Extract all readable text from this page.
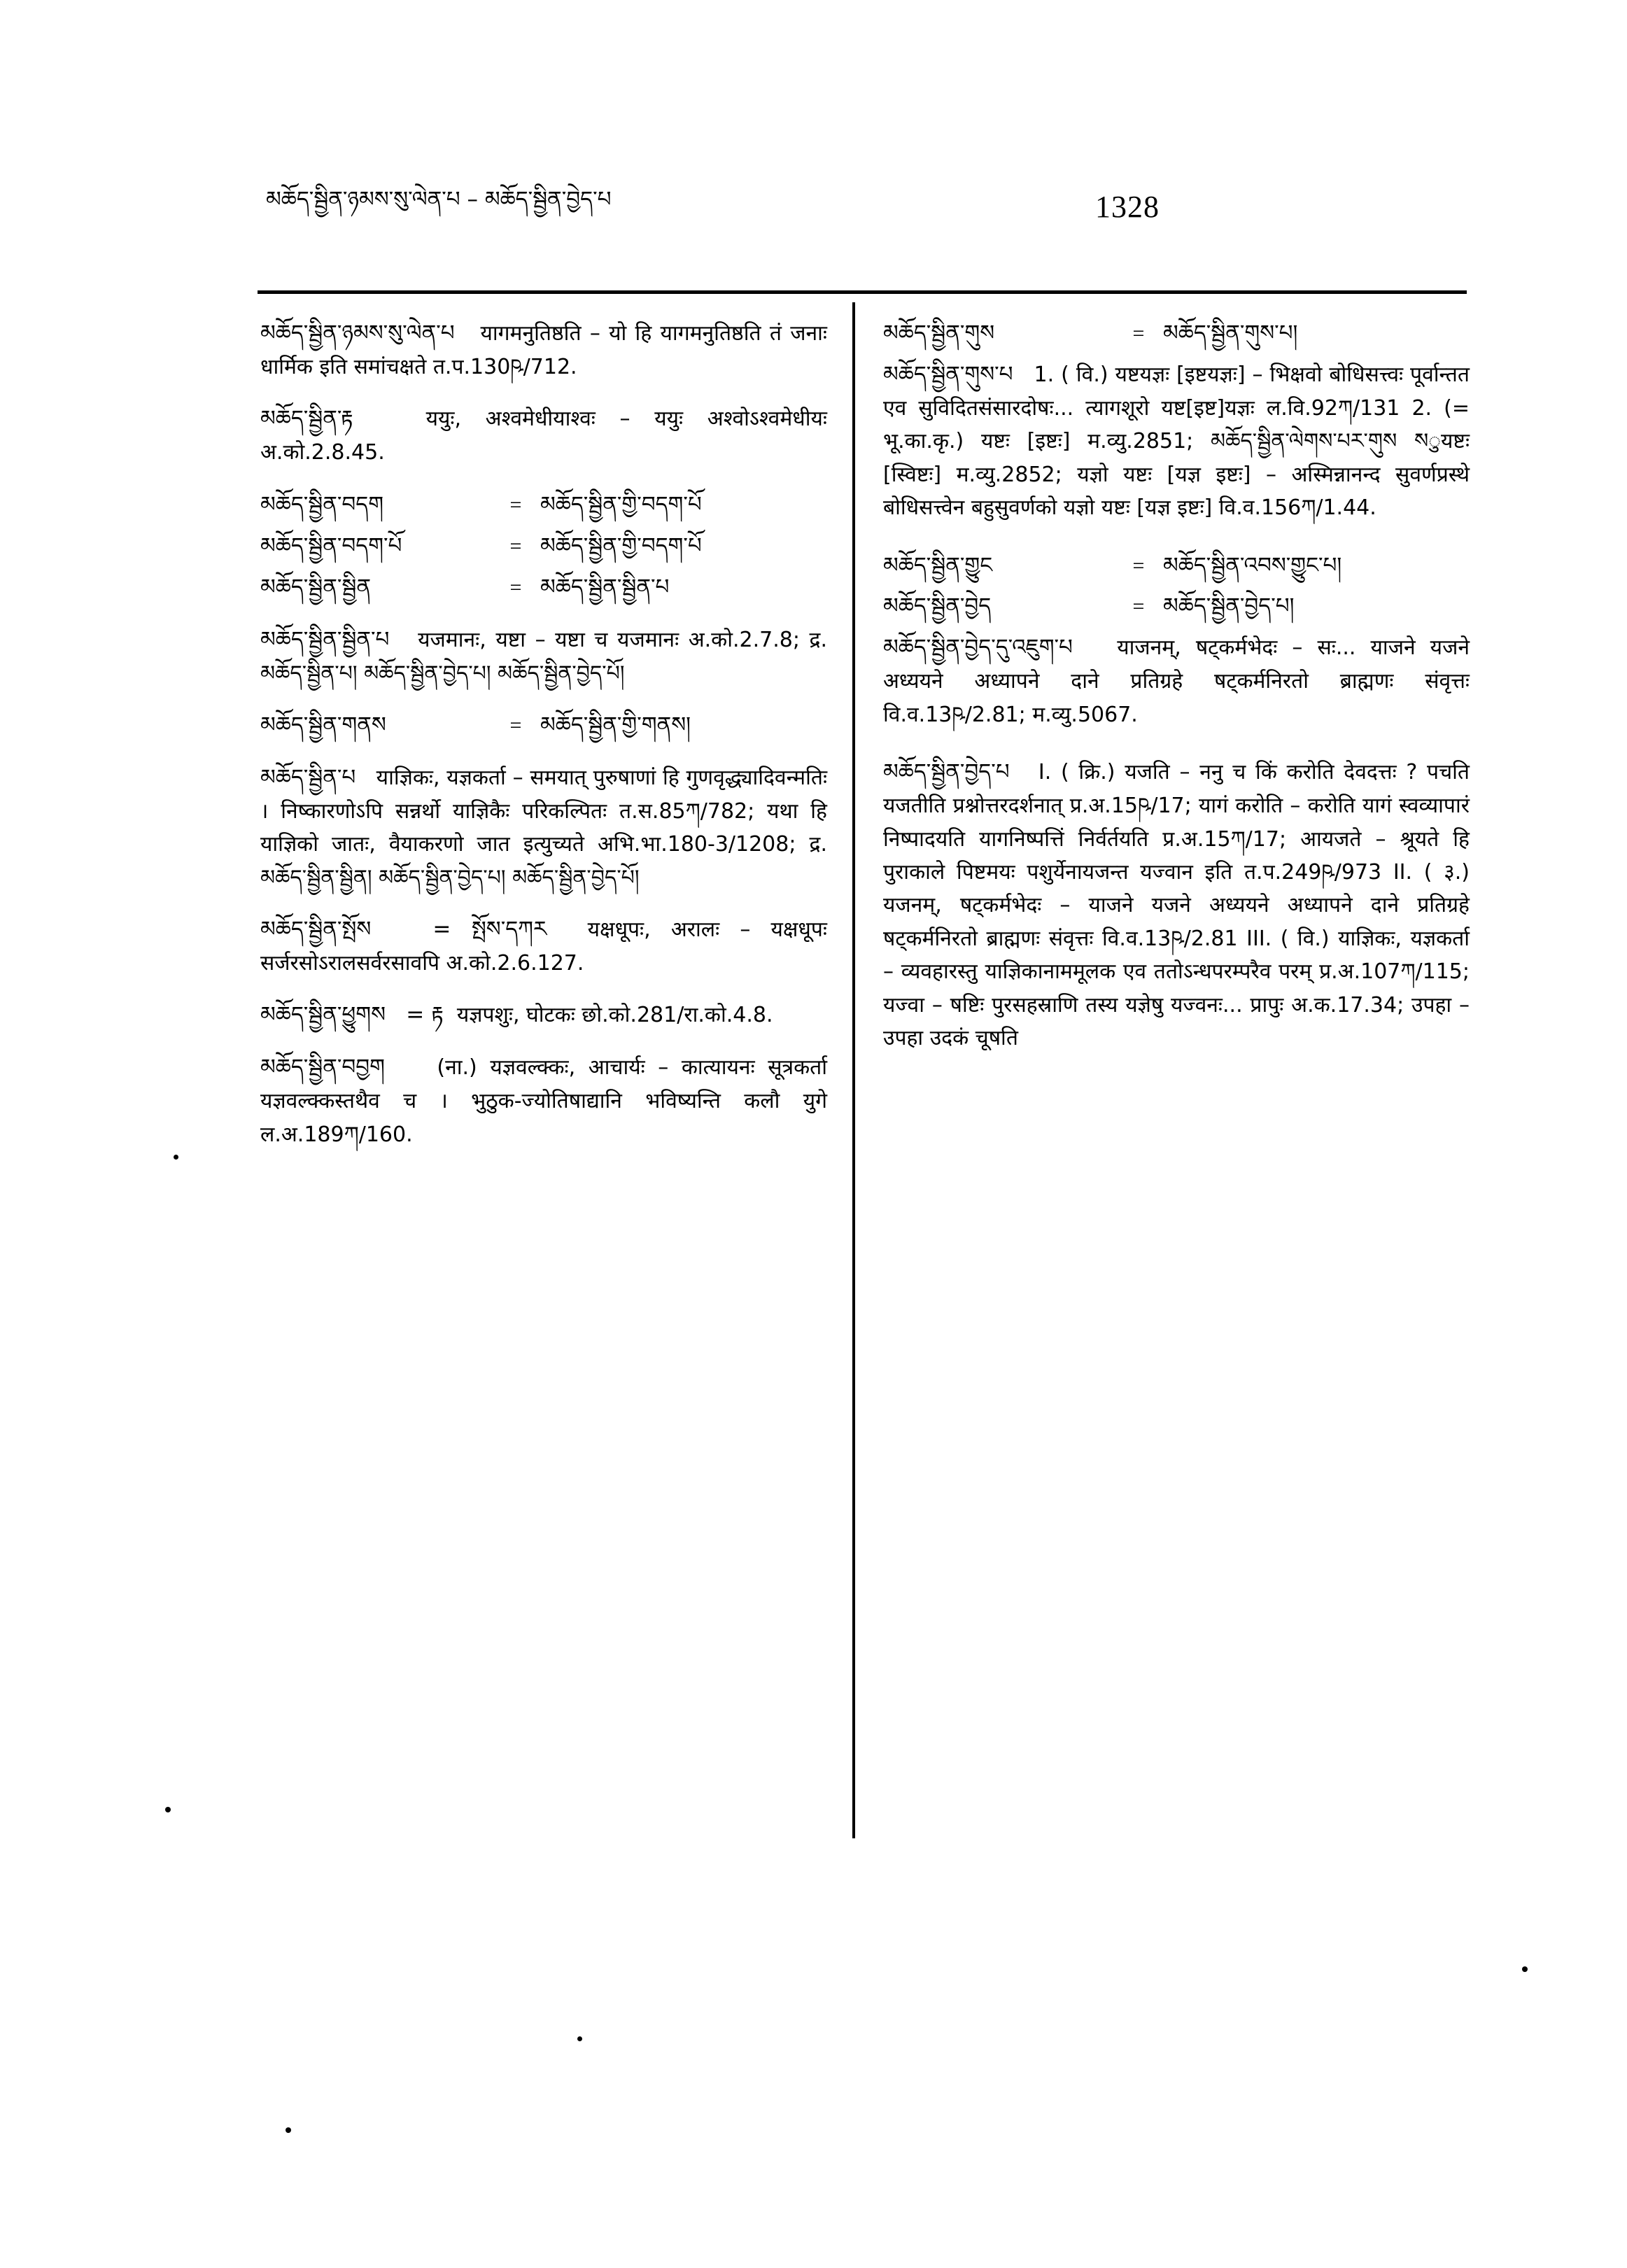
མཆོད་སྦྱིན་ཉམས་སུ་ལེན་པ – མཆོད་སྦྱིན་བྱེད་པ	1328

མཆོད་སྦྱིན་ཉམས་སུ་ལེན་པ यागमनुतिष्ठति – यो हि यागमनुतिष्ठति तं जनाः धार्मिक इति समांचक्षते त.प.130ཥ/712.

མཆོད་སྦྱིན་རྟ	ययुः, अश्वमेधीयाश्वः – ययुः अश्वोऽश्वमेधीयः अ.को.2.8.45.

མཆོད་སྦྱིན་བདག	= མཆོད་སྦྱིན་གྱི་བདག་པོ
མཆོད་སྦྱིན་བདག་པོ	= མཆོད་སྦྱིན་གྱི་བདག་པོ
མཆོད་སྦྱིན་སྦྱིན	= མཆོད་སྦྱིན་སྦྱིན་པ

མཆོད་སྦྱིན་སྦྱིན་པ यजमानः, यष्टा – यष्टा च यजमानः अ.को.2.7.8; द्र. མཆོད་སྦྱིན་པ། མཆོད་སྦྱིན་བྱེད་པ། མཆོད་སྦྱིན་བྱེད་པོ།

མཆོད་སྦྱིན་གནས	= མཆོད་སྦྱིན་གྱི་གནས།

མཆོད་སྦྱིན་པ याज्ञिकः, यज्ञकर्ता – समयात् पुरुषाणां हि गुणवृद्ध्यादिवन्मतिः । निष्कारणोऽपि सन्नर्थो याज्ञिकैः परिकल्पितः त.स.85ཀ/782; यथा हि याज्ञिको जातः, वैयाकरणो जात इत्युच्यते अभि.भा.180-3/1208; द्र. མཆོད་སྦྱིན་སྦྱིན། མཆོད་སྦྱིན་བྱེད་པ། མཆོད་སྦྱིན་བྱེད་པོ།

མཆོད་སྦྱིན་སྤོས	= སྤོས་དཀར यक्षधूपः, अरालः – यक्षधूपः सर्जरसोऽरालसर्वरसावपि अ.को.2.6.127.

མཆོད་སྦྱིན་ཕྱུགས = རྟ यज्ञपशुः, घोटकः छो.को.281/रा.को.4.8.

མཆོད་སྦྱིན་བབྱག (ना.) यज्ञवल्क्कः, आचार्यः – कात्यायनः सूत्रकर्ता यज्ञवल्क्कस्तथैव च । भुठुक-ज्योतिषाद्यानि भविष्यन्ति कलौ युगे ल.अ.189ཀ/160.

མཆོད་སྦྱིན་གུས	= མཆོད་སྦྱིན་གུས་པ།

མཆོད་སྦྱིན་གུས་པ 1. ( वि.) यष्टयज्ञः [इष्टयज्ञः] – भिक्षवो बोधिसत्त्वः पूर्वान्तत एव सुविदितसंसारदोषः... त्यागशूरो यष्ट[इष्ट]यज्ञः ल.वि.92ཀ/131 2. (= भू.का.कृ.) यष्टः [इष्टः] म.व्यु.2851; མཆོད་སྦྱིན་ལེགས་པར་གུས སुयष्टः [स्विष्टः] म.व्यु.2852; यज्ञो यष्टः [यज्ञ इष्टः] – अस्मिन्नानन्द सुवर्णप्रस्थे बोधिसत्त्वेन बहुसुवर्णको यज्ञो यष्टः [यज्ञ इष्टः] वि.व.156ཀ/1.44.

མཆོད་སྦྱིན་གྱུང	= མཆོད་སྦྱིན་འབས་གྱུང་པ།
མཆོད་སྦྱིན་བྱེད	= མཆོད་སྦྱིན་བྱེད་པ།

མཆོད་སྦྱིན་བྱེད་དུ་འཇུག་པ याजनम्, षट्कर्मभेदः – सः... याजने यजने अध्ययने अध्यापने दाने प्रतिग्रहे षट्कर्मनिरतो ब्राह्मणः संवृत्तः वि.व.13ཥ/2.81; म.व्यु.5067.

མཆོད་སྦྱིན་བྱེད་པ I. ( क्रि.) यजति – ननु च किं करोति देवदत्तः ? पचति यजतीति प्रश्नोत्तरदर्शनात् प्र.अ.15ཥ/17; यागं करोति – करोति यागं स्वव्यापारं निष्पादयति यागनिष्पत्तिं निर्वर्तयति प्र.अ.15ཀ/17; आयजते – श्रूयते हि पुराकाले पिष्टमयः पशुर्येनायजन्त यज्वान इति त.प.249ཥ/973 II. ( ३.) यजनम्, षट्कर्मभेदः – याजने यजने अध्ययने अध्यापने दाने प्रतिग्रहे षट्कर्मनिरतो ब्राह्मणः संवृत्तः वि.व.13ཥ/2.81 III. ( वि.) याज्ञिकः, यज्ञकर्ता – व्यवहारस्तु याज्ञिकानाममूलक एव ततोऽन्धपरम्परैव परम् प्र.अ.107ཀ/115; यज्वा – षष्टिः पुरसहस्राणि तस्य यज्ञेषु यज्वनः... प्रापुः अ.क.17.34; उपहा – उपहा उदकं चूषति
